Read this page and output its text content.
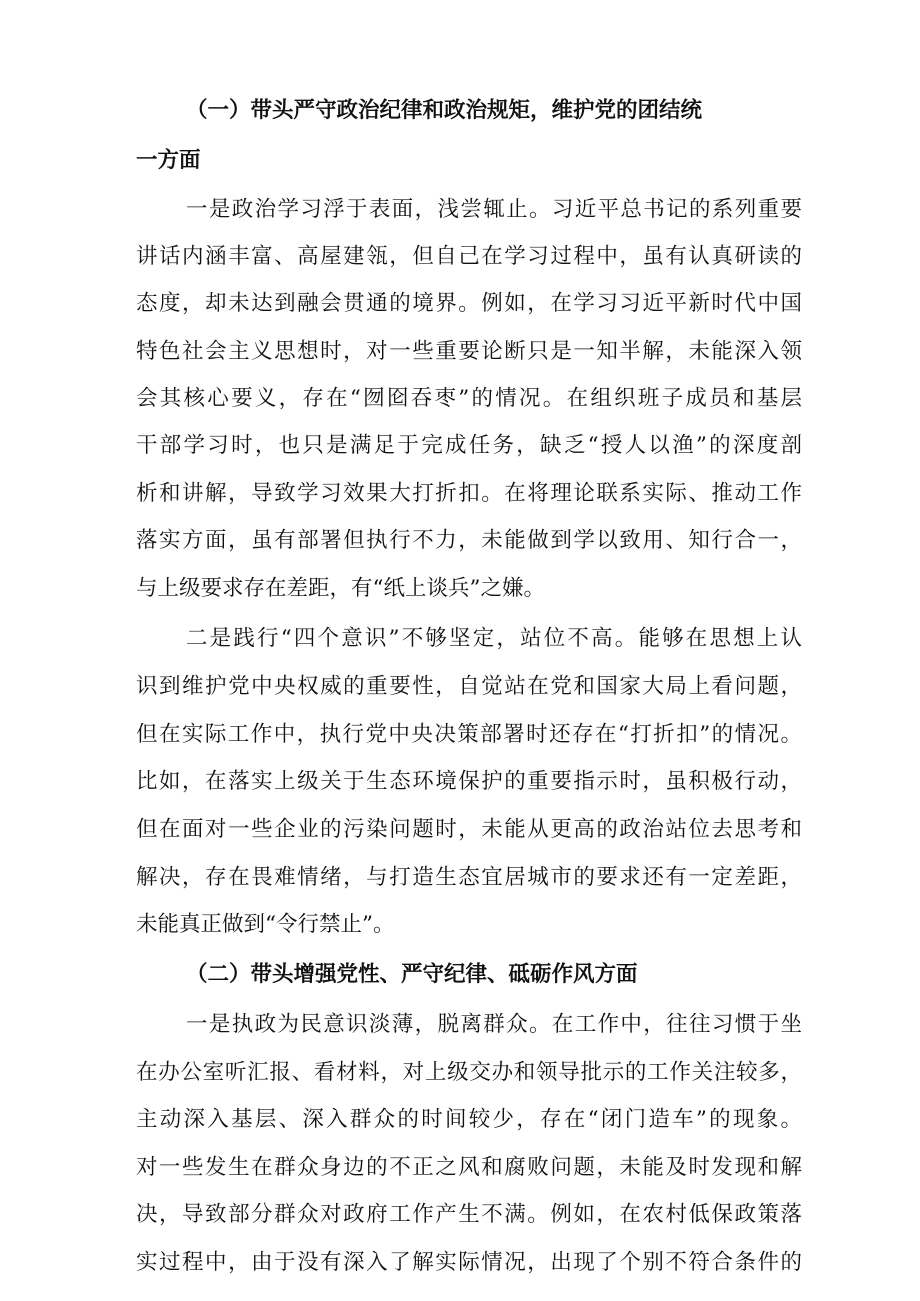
（一）带头严守政治纪律和政治规矩，维护党的团结统
一方面

一是政治学习浮于表面，浅尝辄止。习近平总书记的系列重要

讲话内涵丰富、高屋建瓴，但自己在学习过程中，虽有认真研读的

态度，却未达到融会贯通的境界。例如，在学习习近平新时代中国

特色社会主义思想时，对一些重要论断只是一知半解，未能深入领

会其核心要义，存在“囫囵吞枣”的情况。在组织班子成员和基层

干部学习时，也只是满足于完成任务，缺乏“授人以渔”的深度剖

析和讲解，导致学习效果大打折扣。在将理论联系实际、推动工作

落实方面，虽有部署但执行不力，未能做到学以致用、知行合一，

与上级要求存在差距，有“纸上谈兵”之嫌。

二是践行“四个意识”不够坚定，站位不高。能够在思想上认

识到维护党中央权威的重要性，自觉站在党和国家大局上看问题，

但在实际工作中，执行党中央决策部署时还存在“打折扣”的情况。

比如，在落实上级关于生态环境保护的重要指示时，虽积极行动，

但在面对一些企业的污染问题时，未能从更高的政治站位去思考和

解决，存在畏难情绪，与打造生态宜居城市的要求还有一定差距，

未能真正做到“令行禁止”。

（二）带头增强党性、严守纪律、砥砺作风方面

一是执政为民意识淡薄，脱离群众。在工作中，往往习惯于坐

在办公室听汇报、看材料，对上级交办和领导批示的工作关注较多，

主动深入基层、深入群众的时间较少，存在“闭门造车”的现象。

对一些发生在群众身边的不正之风和腐败问题，未能及时发现和解

决，导致部分群众对政府工作产生不满。例如，在农村低保政策落

实过程中，由于没有深入了解实际情况，出现了个别不符合条件的
